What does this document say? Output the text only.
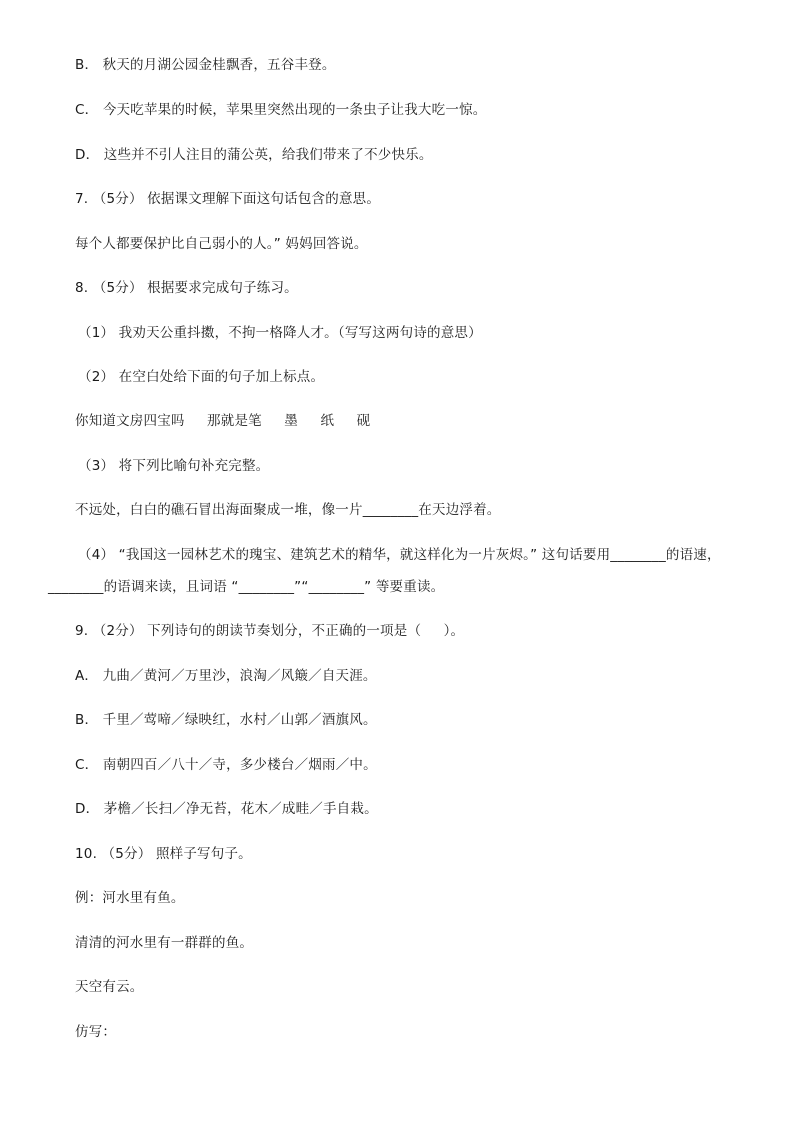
B． 秋天的月湖公园金桂飘香，五谷丰登。
C． 今天吃苹果的时候，苹果里突然出现的一条虫子让我大吃一惊。
D． 这些并不引人注目的蒲公英，给我们带来了不少快乐。
7. （5分） 依据课文理解下面这句话包含的意思。
每个人都要保护比自己弱小的人。” 妈妈回答说。
8. （5分） 根据要求完成句子练习。
（1） 我劝天公重抖擞，不拘一格降人才。（写写这两句诗的意思）
（2） 在空白处给下面的句子加上标点。
你知道文房四宝吗     那就是笔     墨     纸     砚
（3） 将下列比喻句补充完整。
不远处，白白的礁石冒出海面聚成一堆，像一片________在天边浮着。
（4） “我国这一园林艺术的瑰宝、建筑艺术的精华，就这样化为一片灰烬。” 这句话要用________的语速，
________的语调来读，且词语 “________”“________” 等要重读。
9. （2分） 下列诗句的朗读节奏划分，不正确的一项是（     ）。
A． 九曲／黄河／万里沙，浪淘／风簸／自天涯。
B． 千里／莺啼／绿映红，水村／山郭／酒旗风。
C． 南朝四百／八十／寺，多少楼台／烟雨／中。
D． 茅檐／长扫／净无苔，花木／成畦／手自栽。
10. （5分） 照样子写句子。
例：河水里有鱼。
清清的河水里有一群群的鱼。
天空有云。
仿写：
